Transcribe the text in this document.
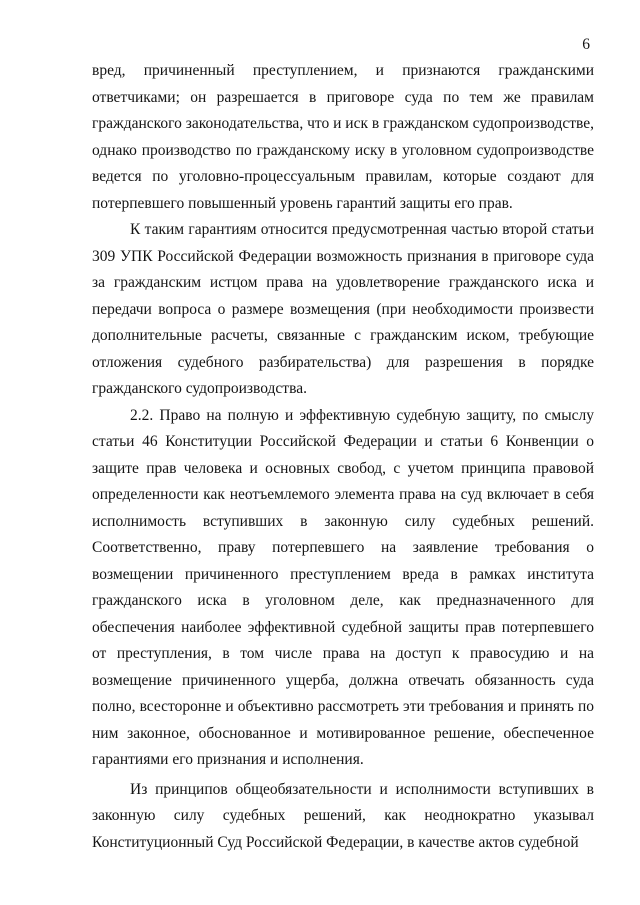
6

вред, причиненный преступлением, и признаются гражданскими ответчиками; он разрешается в приговоре суда по тем же правилам гражданского законодательства, что и иск в гражданском судопроизводстве, однако производство по гражданскому иску в уголовном судопроизводстве ведется по уголовно-процессуальным правилам, которые создают для потерпевшего повышенный уровень гарантий защиты его прав.

К таким гарантиям относится предусмотренная частью второй статьи 309 УПК Российской Федерации возможность признания в приговоре суда за гражданским истцом права на удовлетворение гражданского иска и передачи вопроса о размере возмещения (при необходимости произвести дополнительные расчеты, связанные с гражданским иском, требующие отложения судебного разбирательства) для разрешения в порядке гражданского судопроизводства.

2.2. Право на полную и эффективную судебную защиту, по смыслу статьи 46 Конституции Российской Федерации и статьи 6 Конвенции о защите прав человека и основных свобод, с учетом принципа правовой определенности как неотъемлемого элемента права на суд включает в себя исполнимость вступивших в законную силу судебных решений. Соответственно, праву потерпевшего на заявление требования о возмещении причиненного преступлением вреда в рамках института гражданского иска в уголовном деле, как предназначенного для обеспечения наиболее эффективной судебной защиты прав потерпевшего от преступления, в том числе права на доступ к правосудию и на возмещение причиненного ущерба, должна отвечать обязанность суда полно, всесторонне и объективно рассмотреть эти требования и принять по ним законное, обоснованное и мотивированное решение, обеспеченное гарантиями его признания и исполнения.

Из принципов общеобязательности и исполнимости вступивших в законную силу судебных решений, как неоднократно указывал Конституционный Суд Российской Федерации, в качестве актов судебной
